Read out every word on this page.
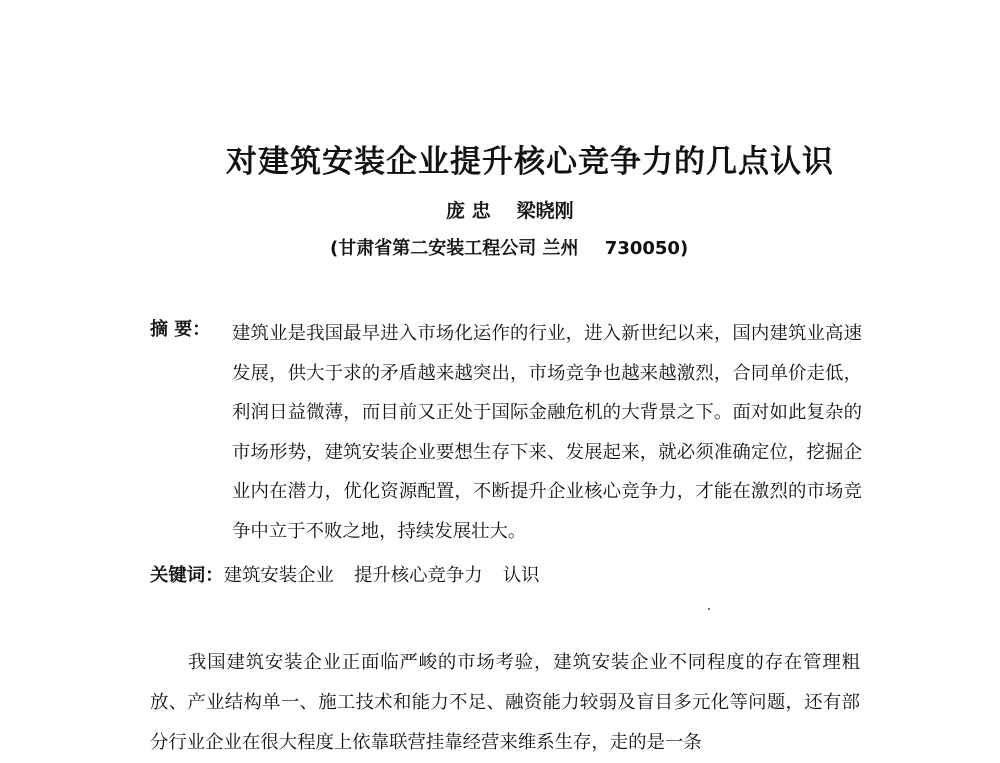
对建筑安装企业提升核心竞争力的几点认识
庞 忠 梁晓刚
(甘肃省第二安装工程公司 兰州 730050)
摘 要： 建筑业是我国最早进入市场化运作的行业，进入新世纪以来，国内建筑业高速发展，供大于求的矛盾越来越突出，市场竞争也越来越激烈，合同单价走低，利润日益微薄，而目前又正处于国际金融危机的大背景之下。面对如此复杂的市场形势，建筑安装企业要想生存下来、发展起来，就必须准确定位，挖掘企业内在潜力，优化资源配置，不断提升企业核心竞争力，才能在激烈的市场竞争中立于不败之地，持续发展壮大。

关键词：建筑安装企业 提升核心竞争力 认识

我国建筑安装企业正面临严峻的市场考验，建筑安装企业不同程度的存在管理粗放、产业结构单一、施工技术和能力不足、融资能力较弱及盲目多元化等问题，还有部分行业企业在很大程度上依靠联营挂靠经营来维系生存，走的是一条
